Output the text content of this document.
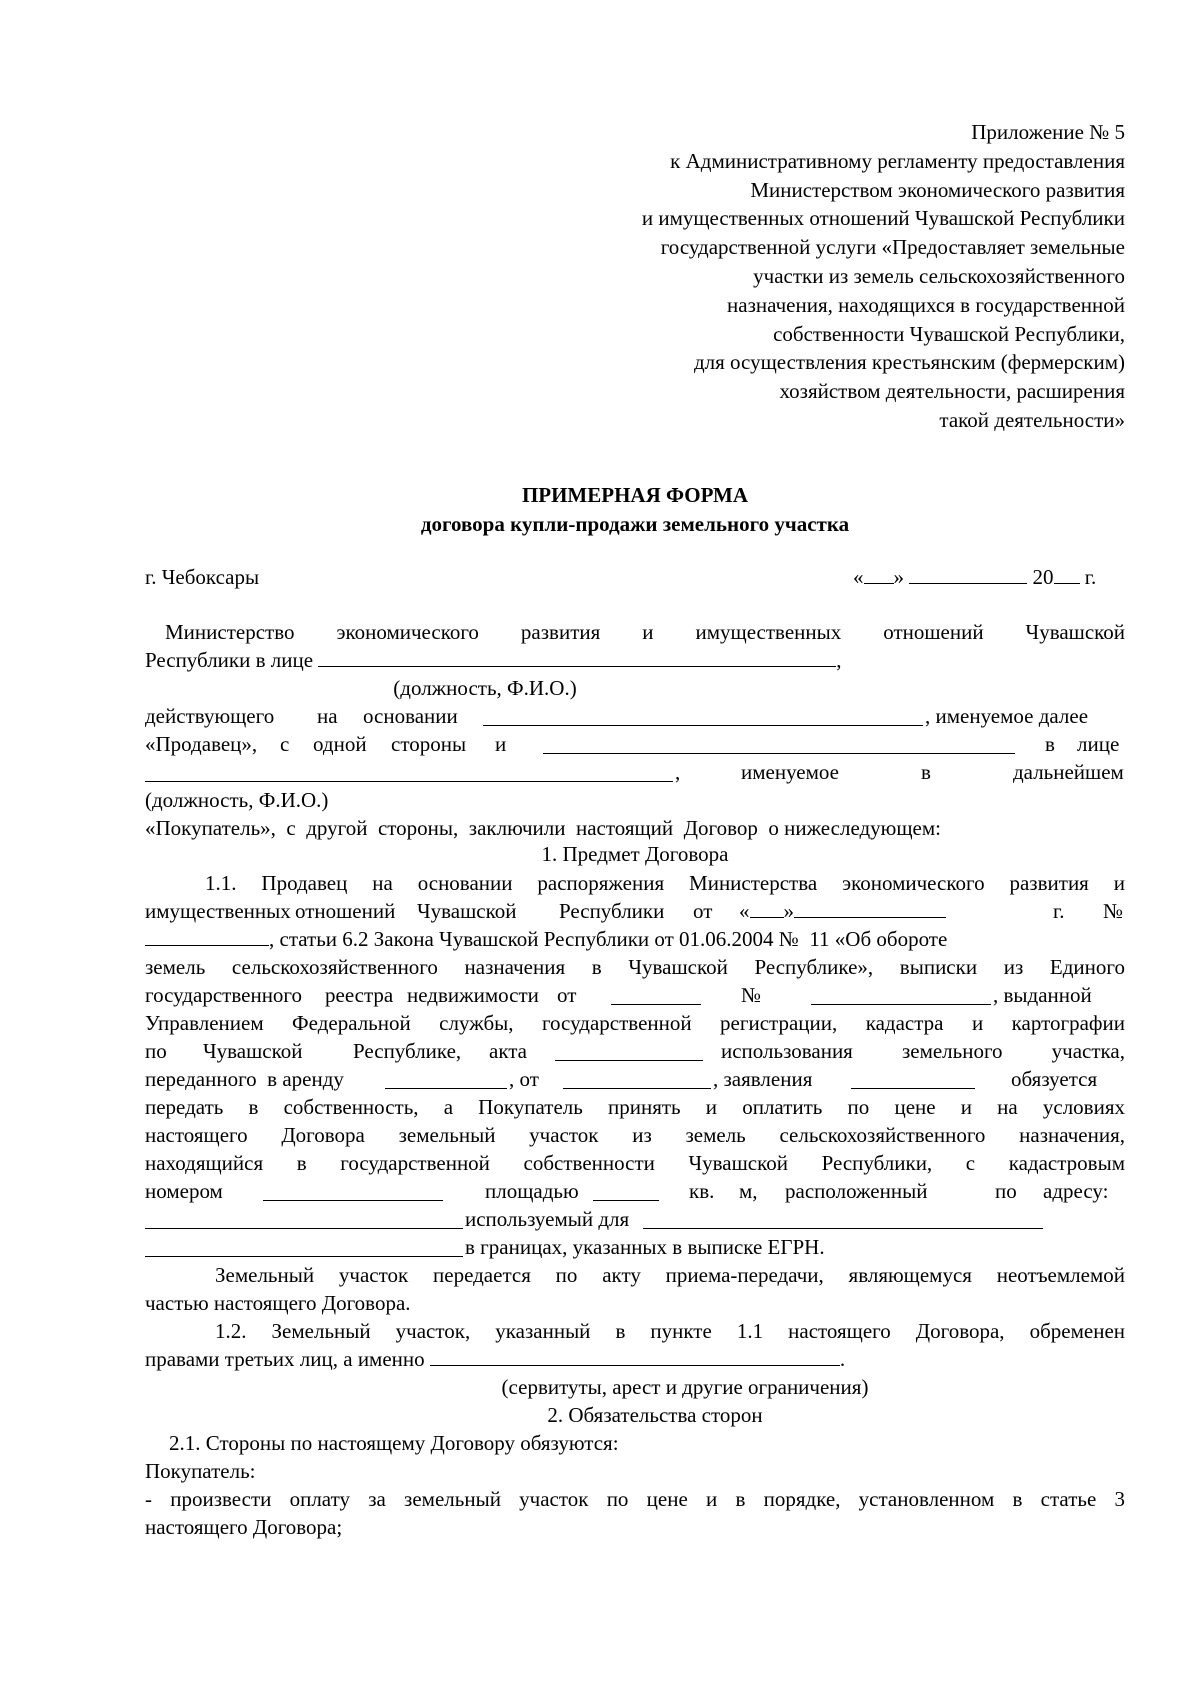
Приложение № 5
к Административному регламенту предоставления
Министерством экономического развития
и имущественных отношений Чувашской Республики
государственной услуги «Предоставляет земельные
участки из земель сельскохозяйственного
назначения, находящихся в государственной
собственности Чувашской Республики,
для осуществления крестьянским (фермерским)
хозяйством деятельности, расширения
такой деятельности»
ПРИМЕРНАЯ ФОРМА
договора купли-продажи земельного участка
г. Чебоксары	« »	20 г.
Министерство экономического развития и имущественных отношений Чувашской
Республики в лице	,
(должность, Ф.И.О.)
действующего на основании	, именуемое далее
«Продавец», с одной стороны и	в лице
,	именуемое	в	дальнейшем
(должность, Ф.И.О.)
«Покупатель»,  с  другой  стороны,  заключили  настоящий  Договор  о нижеследующем:
1. Предмет Договора
1.1. Продавец на основании распоряжения Министерства экономического развития и
имущественных отношений Чувашской Республики от « »	г. №
, статьи 6.2 Закона Чувашской Республики от 01.06.2004 №  11 «Об обороте
земель сельскохозяйственного назначения в Чувашской Республике», выписки из Единого
государственного реестра недвижимости от	№	, выданной
Управлением Федеральной службы, государственной регистрации, кадастра и картографии
по Чувашской Республике, акта	использования земельного участка,
переданного  в аренду	, от	, заявления	обязуется
передать в собственность, а Покупатель принять и оплатить по цене и на условиях
настоящего Договора земельный участок из земель сельскохозяйственного назначения,
находящийся в государственной собственности Чувашской Республики, с кадастровым
номером	площадью	кв. м, расположенный	по адресу:
используемый для
в границах, указанных в выписке ЕГРН.
Земельный участок передается по акту приема-передачи, являющемуся неотъемлемой
частью настоящего Договора.
1.2. Земельный участок, указанный в пункте 1.1 настоящего Договора, обременен
правами третьих лиц, а именно	.
(сервитуты, арест и другие ограничения)
2. Обязательства сторон
2.1. Стороны по настоящему Договору обязуются:
Покупатель:
- произвести оплату за земельный участок по цене и в порядке, установленном в статье 3
настоящего Договора;
